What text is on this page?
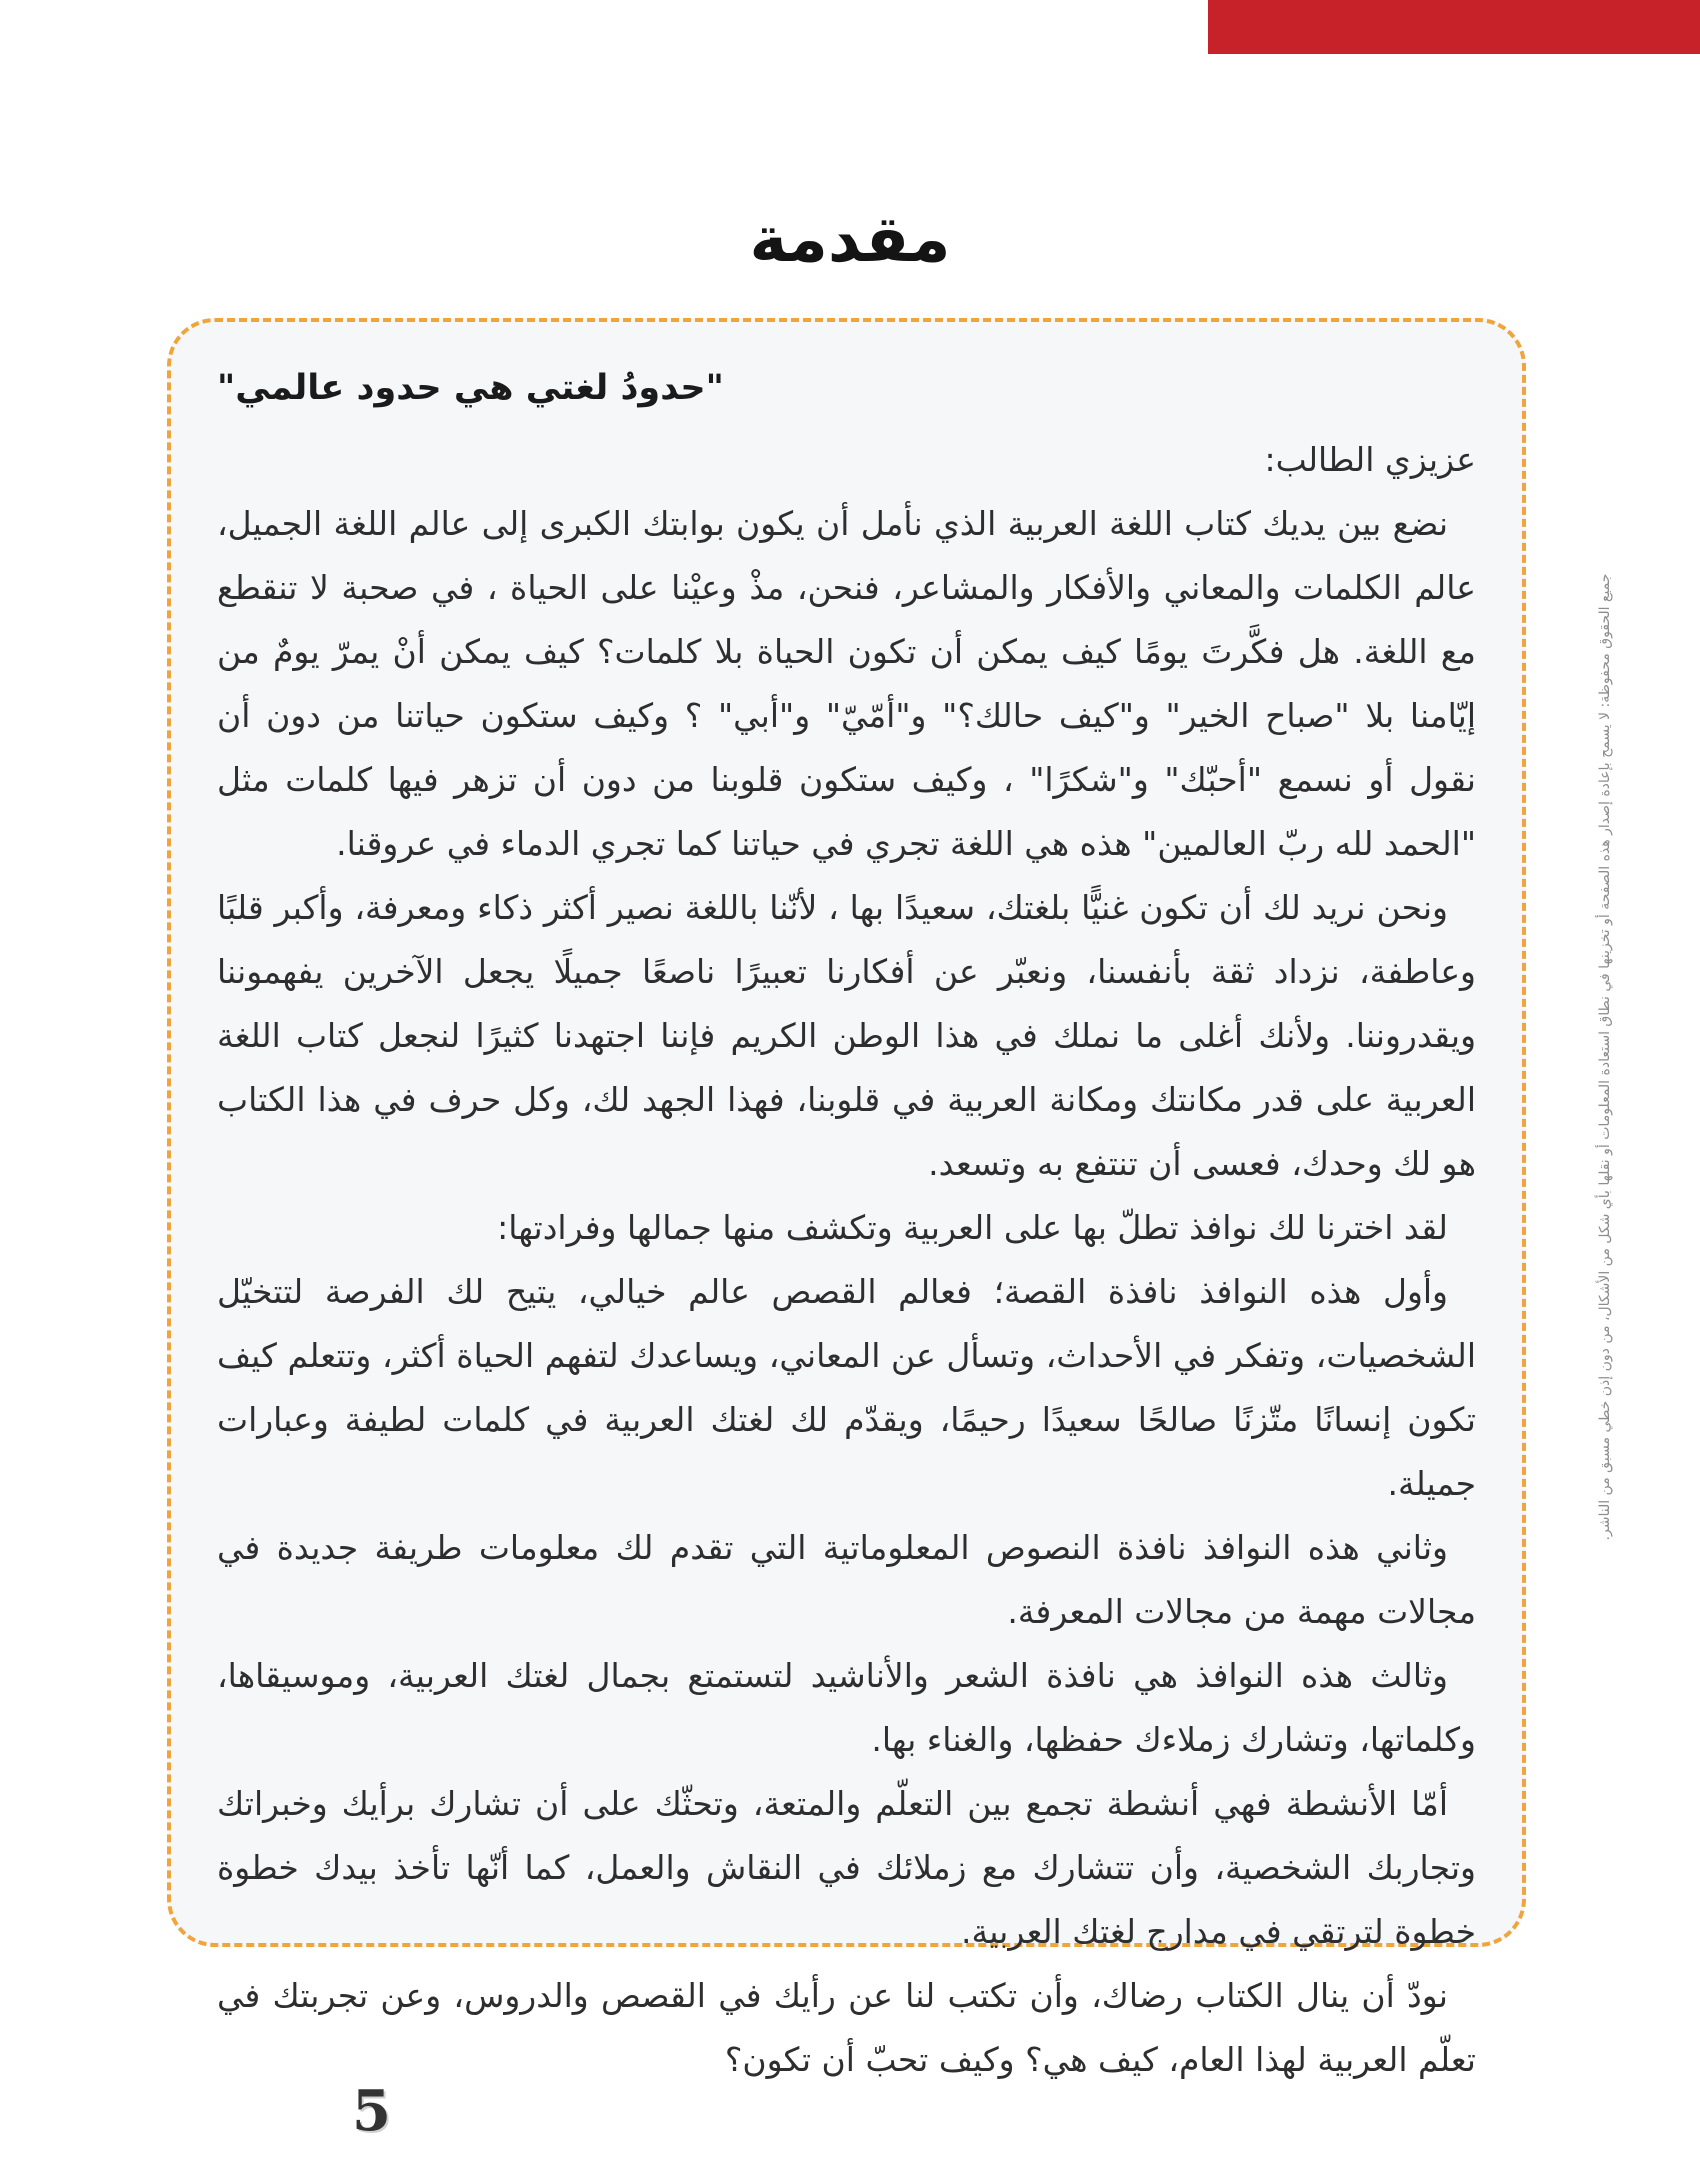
مقدمة

"حدودُ لغتي هي حدود عالمي"

عزيزي الطالب:

نضع بين يديك كتاب اللغة العربية الذي نأمل أن يكون بوابتك الكبرى إلى عالم اللغة الجميل، عالم الكلمات والمعاني والأفكار والمشاعر، فنحن، مذْ وعيْنا على الحياة ، في صحبة لا تنقطع مع اللغة. هل فكَّرتَ يومًا كيف يمكن أن تكون الحياة بلا كلمات؟ كيف يمكن أنْ يمرّ يومٌ من إيّامنا بلا "صباح الخير" و"كيف حالك؟" و"أمّيّ" و"أبي" ؟ وكيف ستكون حياتنا من دون أن نقول أو نسمع "أحبّك" و"شكرًا" ، وكيف ستكون قلوبنا من دون أن تزهر فيها كلمات مثل "الحمد لله ربّ العالمين" هذه هي اللغة تجري في حياتنا كما تجري الدماء في عروقنا.

ونحن نريد لك أن تكون غنيًّا بلغتك، سعيدًا بها ، لأنّنا باللغة نصير أكثر ذكاء ومعرفة، وأكبر قلبًا وعاطفة، نزداد ثقة بأنفسنا، ونعبّر عن أفكارنا تعبيرًا ناصعًا جميلًا يجعل الآخرين يفهموننا ويقدروننا. ولأنك أغلى ما نملك في هذا الوطن الكريم فإننا اجتهدنا كثيرًا لنجعل كتاب اللغة العربية على قدر مكانتك ومكانة العربية في قلوبنا، فهذا الجهد لك، وكل حرف في هذا الكتاب هو لك وحدك، فعسى أن تنتفع به وتسعد.

لقد اخترنا لك نوافذ تطلّ بها على العربية وتكشف منها جمالها وفرادتها:

وأول هذه النوافذ نافذة القصة؛ فعالم القصص عالم خيالي، يتيح لك الفرصة لتتخيّل الشخصيات، وتفكر في الأحداث، وتسأل عن المعاني، ويساعدك لتفهم الحياة أكثر، وتتعلم كيف تكون إنسانًا متّزنًا صالحًا سعيدًا رحيمًا، ويقدّم لك لغتك العربية في كلمات لطيفة وعبارات جميلة.

وثاني هذه النوافذ نافذة النصوص المعلوماتية التي تقدم لك معلومات طريفة جديدة في مجالات مهمة من مجالات المعرفة.

وثالث هذه النوافذ هي نافذة الشعر والأناشيد لتستمتع بجمال لغتك العربية، وموسيقاها، وكلماتها، وتشارك زملاءك حفظها، والغناء بها.

أمّا الأنشطة فهي أنشطة تجمع بين التعلّم والمتعة، وتحثّك على أن تشارك برأيك وخبراتك وتجاربك الشخصية، وأن تتشارك مع زملائك في النقاش والعمل، كما أنّها تأخذ بيدك خطوة خطوة لترتقي في مدارج لغتك العربية.

نودّ أن ينال الكتاب رضاك، وأن تكتب لنا عن رأيك في القصص والدروس، وعن تجربتك في تعلّم العربية لهذا العام، كيف هي؟ وكيف تحبّ أن تكون؟

جميع الحقوق محفوظة: لا يسمح بإعادة إصدار هذه الصفحة أو تخزينها في نطاق استعادة المعلومات أو نقلها بأي شكل من الأشكال، من دون إذن خطي مسبق من الناشر.
5
